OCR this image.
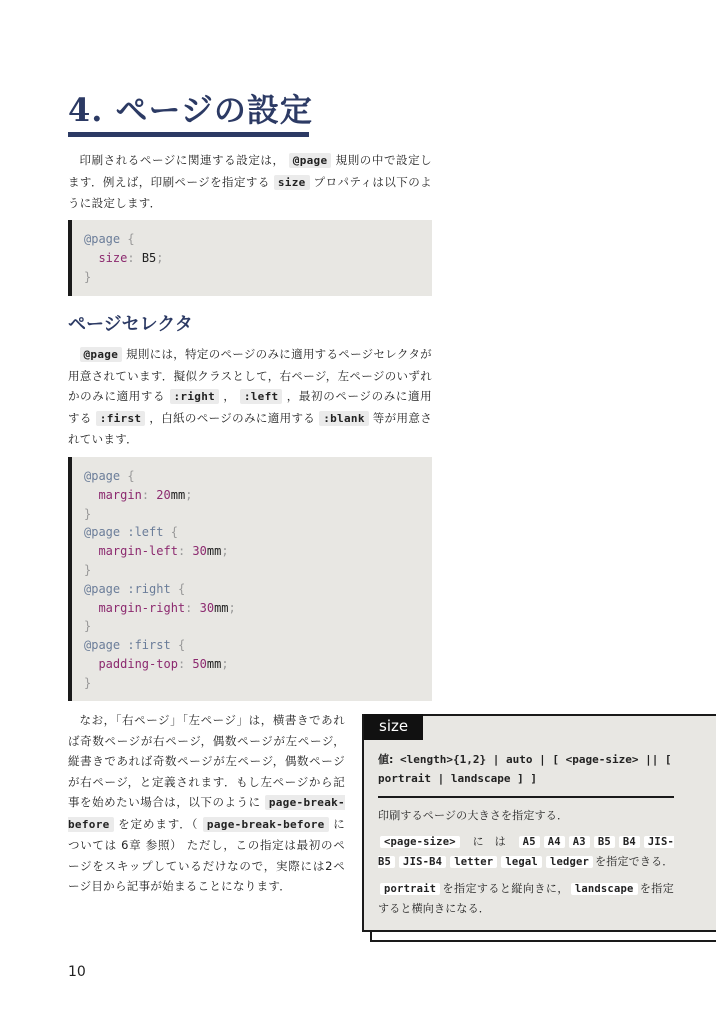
4. ページの設定
印刷されるページに関連する設定は， @page 規則の中で設定します．例えば，印刷ページを指定する size プロパティは以下のように設定します．
@page {
size: B5;
}
ページセレクタ
@page 規則には，特定のページのみに適用するページセレクタが用意されています．擬似クラスとして，右ページ，左ページのいずれかのみに適用する :right ， :left ，最初のページのみに適用する :first ，白紙のページのみに適用する :blank 等が用意されています．
@page {
margin: 20mm;
}
@page :left {
margin-left: 30mm;
}
@page :right {
margin-right: 30mm;
}
@page :first {
padding-top: 50mm;
}
なお，「右ページ」「左ページ」は，横書きであれば奇数ページが右ページ，偶数ページが左ページ，縦書きであれば奇数ページが左ページ，偶数ページが右ページ，と定義されます．もし左ページから記事を始めたい場合は，以下のように page-break-before を定めます．（ page-break-before については 6章 参照） ただし，この指定は最初のページをスキップしているだけなので，実際には2ページ目から記事が始まることになります．
size
値: <length>{1,2} | auto | [ <page-size> || [ portrait | landscape ] ]

印刷するページの大きさを指定する．

<page-size> には A5 A4 A3 B5 B4 JIS-B5 JIS-B4 letter legal ledger を指定できる．

portrait を指定すると縦向きに， landscape を指定すると横向きになる．

10
